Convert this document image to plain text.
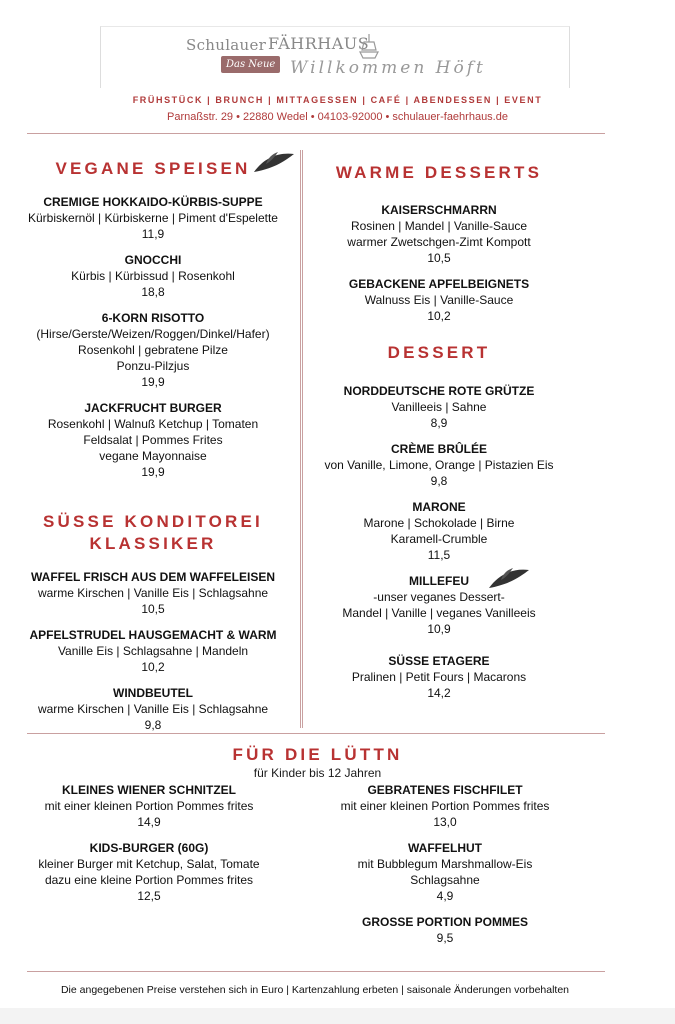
Schulauer FÄHRHAUS
Das Neue Willkommen Höft
FRÜHSTÜCK | BRUNCH | MITTAGESSEN | CAFÉ | ABENDESSEN | EVENT
Parnaßstr. 29 • 22880 Wedel • 04103-92000 • schulauer-faehrhaus.de
VEGANE SPEISEN
CREMIGE HOKKAIDO-KÜRBIS-SUPPE
Kürbiskernöl | Kürbiskerne | Piment d'Espelette
11,9
GNOCCHI
Kürbis | Kürbissud | Rosenkohl
18,8
6-KORN RISOTTO
(Hirse/Gerste/Weizen/Roggen/Dinkel/Hafer)
Rosenkohl | gebratene Pilze
Ponzu-Pilzjus
19,9
JACKFRUCHT BURGER
Rosenkohl | Walnuß Ketchup | Tomaten
Feldsalat | Pommes Frites
vegane Mayonnaise
19,9
SÜSSE KONDITOREI
KLASSIKER
WAFFEL FRISCH AUS DEM WAFFELEISEN
warme Kirschen | Vanille Eis | Schlagsahne
10,5
APFELSTRUDEL HAUSGEMACHT & WARM
Vanille Eis | Schlagsahne | Mandeln
10,2
WINDBEUTEL
warme Kirschen | Vanille Eis | Schlagsahne
9,8
WARME DESSERTS
KAISERSCHMARRN
Rosinen | Mandel | Vanille-Sauce
warmer Zwetschgen-Zimt Kompott
10,5
GEBACKENE APFELBEIGNETS
Walnuss Eis | Vanille-Sauce
10,2
DESSERT
NORDDEUTSCHE ROTE GRÜTZE
Vanilleeis | Sahne
8,9
CRÈME BRÛLÉE
von Vanille, Limone, Orange | Pistazien Eis
9,8
MARONE
Marone | Schokolade | Birne
Karamell-Crumble
11,5
MILLEFEU
-unser veganes Dessert-
Mandel | Vanille | veganes Vanilleeis
10,9
SÜSSE ETAGERE
Pralinen | Petit Fours | Macarons
14,2
FÜR DIE LÜTTN
für Kinder bis 12 Jahren
KLEINES WIENER SCHNITZEL
mit einer kleinen Portion Pommes frites
14,9
KIDS-BURGER (60G)
kleiner Burger mit Ketchup, Salat, Tomate
dazu eine kleine Portion Pommes frites
12,5
GEBRATENES FISCHFILET
mit einer kleinen Portion Pommes frites
13,0
WAFFELHUT
mit Bubblegum Marshmallow-Eis
Schlagsahne
4,9
GROSSE PORTION POMMES
9,5
Die angegebenen Preise verstehen sich in Euro | Kartenzahlung erbeten | saisonale Änderungen vorbehalten
